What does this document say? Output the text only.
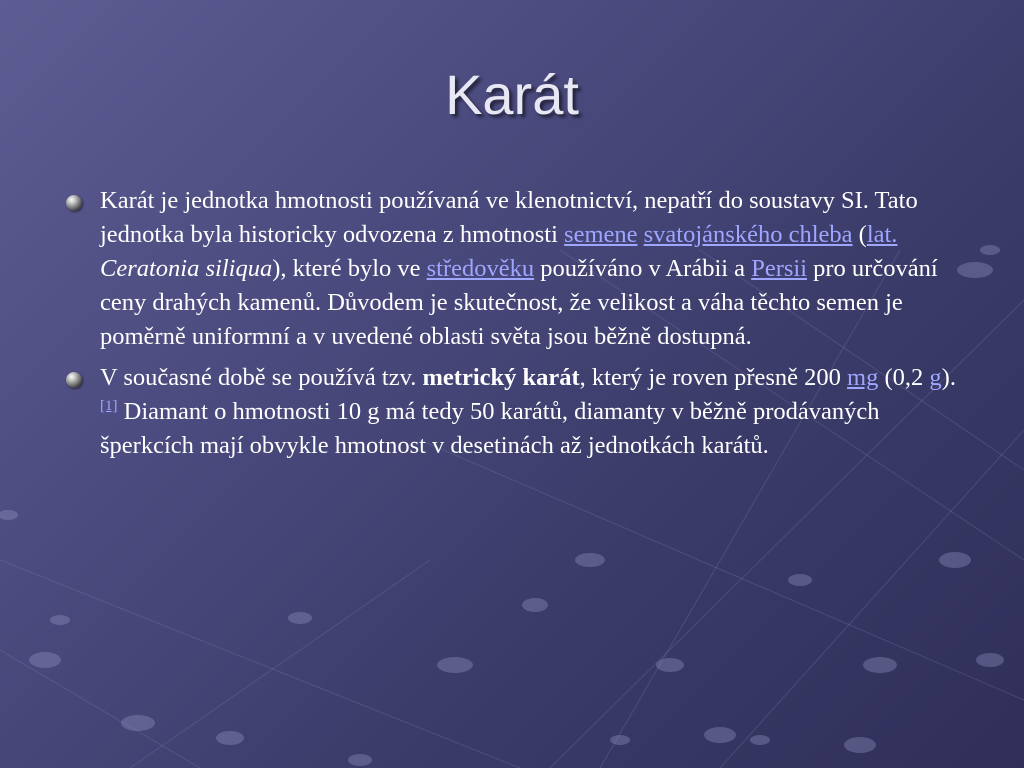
Karát

Karát je jednotka hmotnosti používaná ve klenotnictví, nepatří do soustavy SI. Tato jednotka byla historicky odvozena z hmotnosti semene svatojánského chleba (lat. Ceratonia siliqua), které bylo ve středověku používáno v Arábii a Persii pro určování ceny drahých kamenů. Důvodem je skutečnost, že velikost a váha těchto semen je poměrně uniformní a v uvedené oblasti světa jsou běžně dostupná.

V současné době se používá tzv. metrický karát, který je roven přesně 200 mg (0,2 g).[1] Diamant o hmotnosti 10 g má tedy 50 karátů, diamanty v běžně prodávaných šperkcích mají obvykle hmotnost v desetinách až jednotkách karátů.
